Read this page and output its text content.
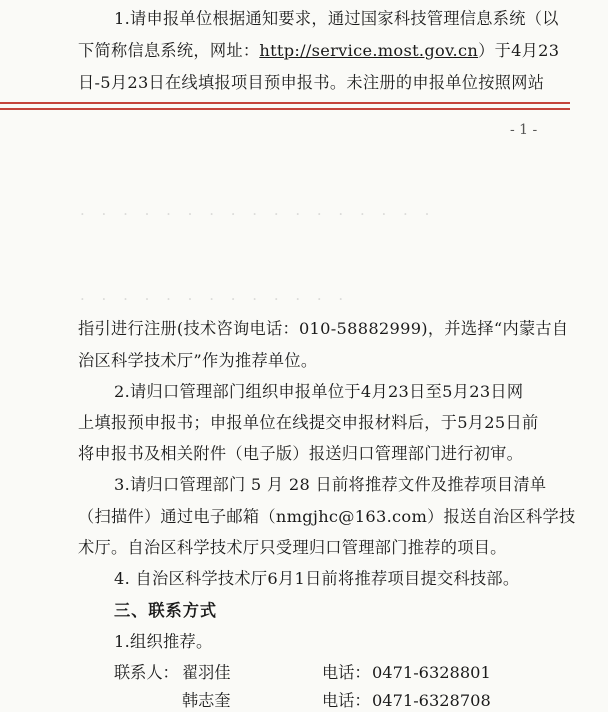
1.请申报单位根据通知要求，通过国家科技管理信息系统（以
下简称信息系统，网址：http://service.most.gov.cn）于4月23
日-5月23日在线填报项目预申报书。未注册的申报单位按照网站
- 1 -
· · · · · · · · · · · · · · · · ·
· · · · · · · · · · · · ·
指引进行注册(技术咨询电话：010-58882999)，并选择“内蒙古自
治区科学技术厅”作为推荐单位。
2.请归口管理部门组织申报单位于4月23日至5月23日网
上填报预申报书；申报单位在线提交申报材料后，于5月25日前
将申报书及相关附件（电子版）报送归口管理部门进行初审。
3.请归口管理部门 5 月 28 日前将推荐文件及推荐项目清单
（扫描件）通过电子邮箱（nmgjhc@163.com）报送自治区科学技
术厅。自治区科学技术厅只受理归口管理部门推荐的项目。
4. 自治区科学技术厅6月1日前将推荐项目提交科技部。
三、联系方式
1.组织推荐。
联系人： 翟羽佳	电话： 0471-6328801
韩志奎	电话： 0471-6328708
